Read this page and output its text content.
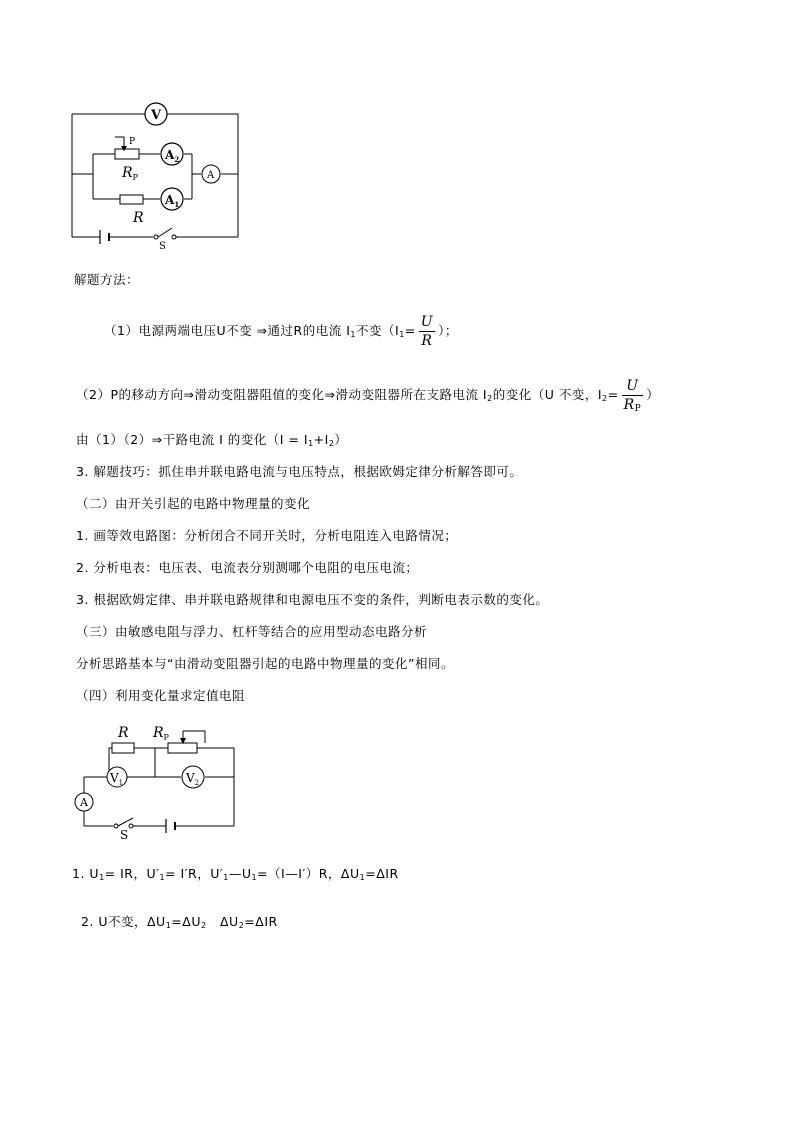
V
$A_2$
$A_1$
A
P
$R_P$
R
S
解题方法：
（1）电源两端电压U不变 ⇒通过R的电流 $I_1$不变（$I_1= \frac{U}{R}$ ）；
（2）P的移动方向⇒滑动变阻器阻值的变化⇒滑动变阻器所在支路电流 $I_2$的变化（U 不变，$I_2= \frac{U}{R_P}$ ）
由（1）（2）⇒干路电流 I 的变化$(I = I_1+I_2)$
3. 解题技巧：抓住串并联电路电流与电压特点，根据欧姆定律分析解答即可。
（二）由开关引起的电路中物理量的变化
1. 画等效电路图：分析闭合不同开关时，分析电阻连入电路情况；
2. 分析电表：电压表、电流表分别测哪个电阻的电压电流；
3. 根据欧姆定律、串并联电路规律和电源电压不变的条件，判断电表示数的变化。
（三）由敏感电阻与浮力、杠杆等结合的应用型动态电路分析
分析思路基本与“由滑动变阻器引起的电路中物理量的变化”相同。
（四）利用变化量求定值电阻
$V_1$	$V_2$
A
R $R_P$
S
1. $U_1=$ IR，$U'_1= I'R$，$U'_1—U_1=(I—I')R$，$\Delta U_1=\Delta IR$

2. U不变，$\Delta U_1=\Delta U_2$   $\Delta U_2=\Delta IR$
